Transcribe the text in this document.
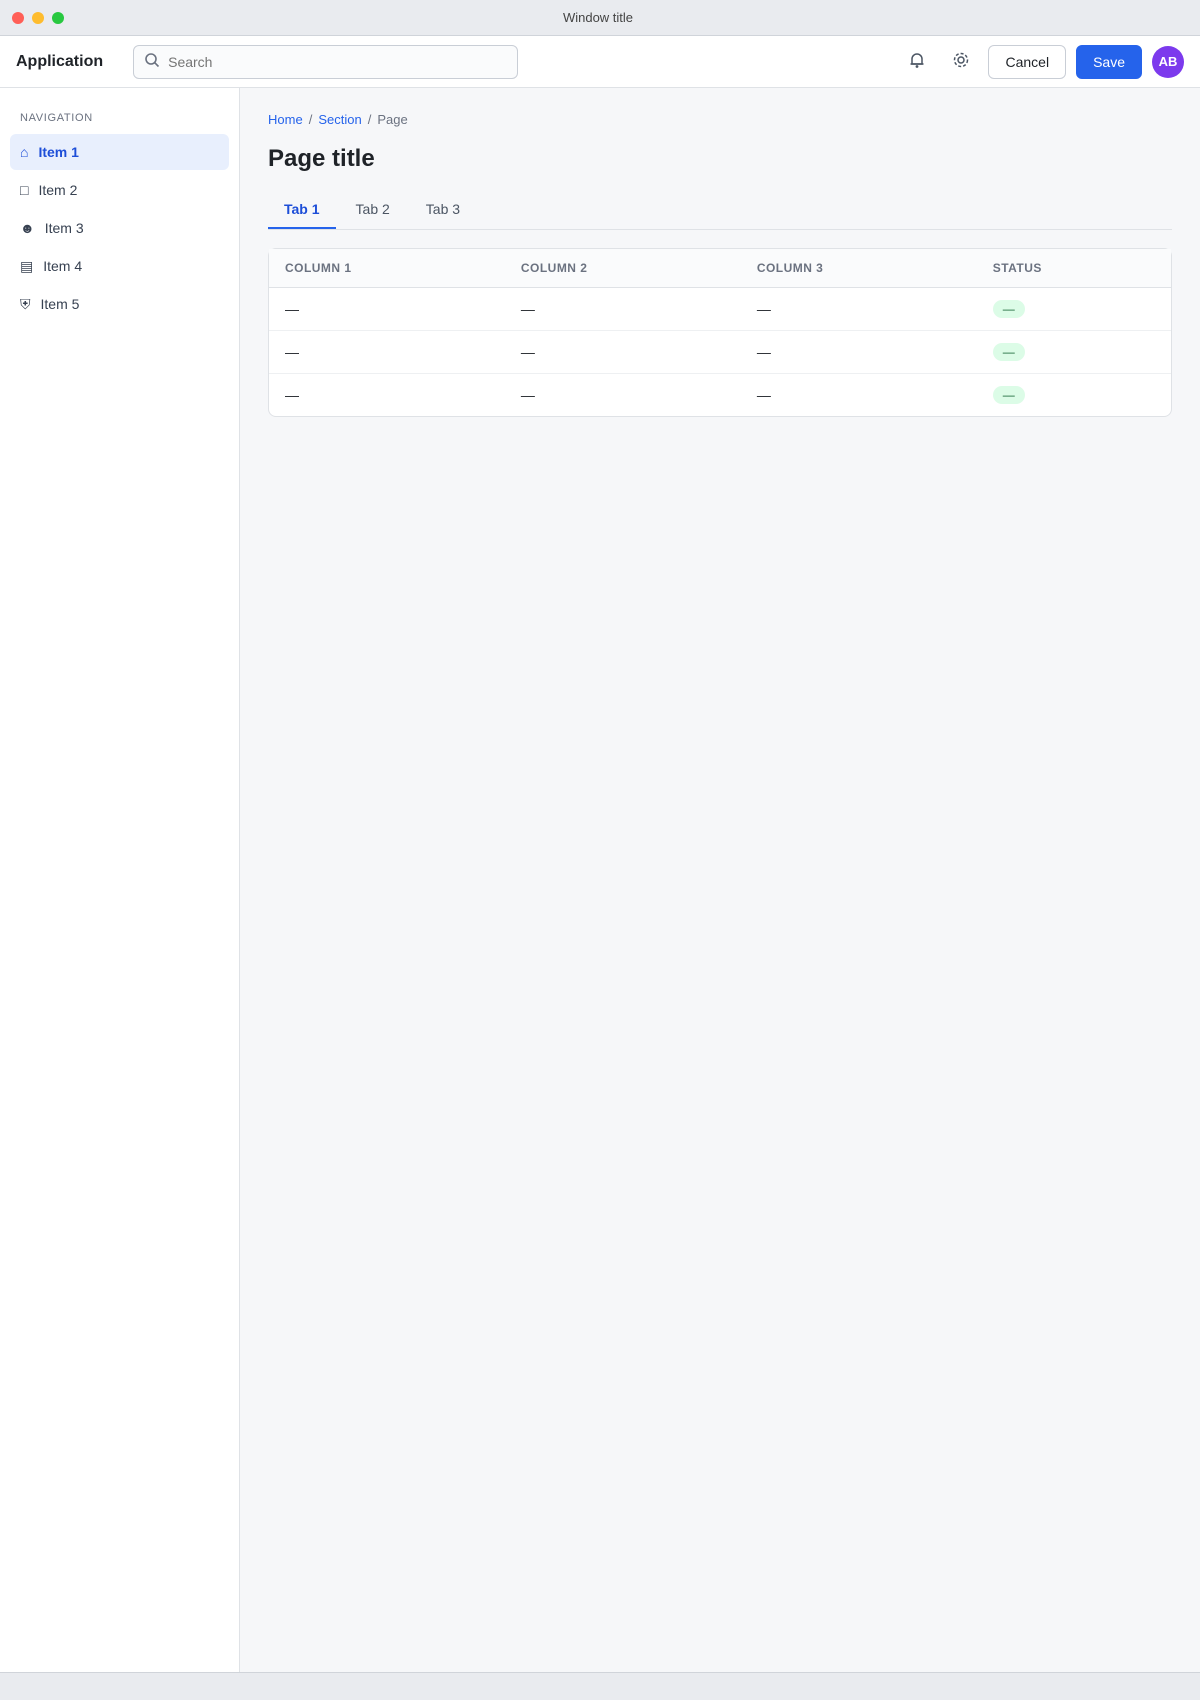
Window title
Application
Search	Cancel	Save	AB
NAVIGATION
⌂ Item 1
□ Item 2
☻ Item 3
▤ Item 4
⛨ Item 5
Home / Section / Page
Page title
Tab 1	Tab 2	Tab 3
COLUMN 1	COLUMN 2	COLUMN 3	STATUS
—	—	—	—
—	—	—	—
—	—	—	—
